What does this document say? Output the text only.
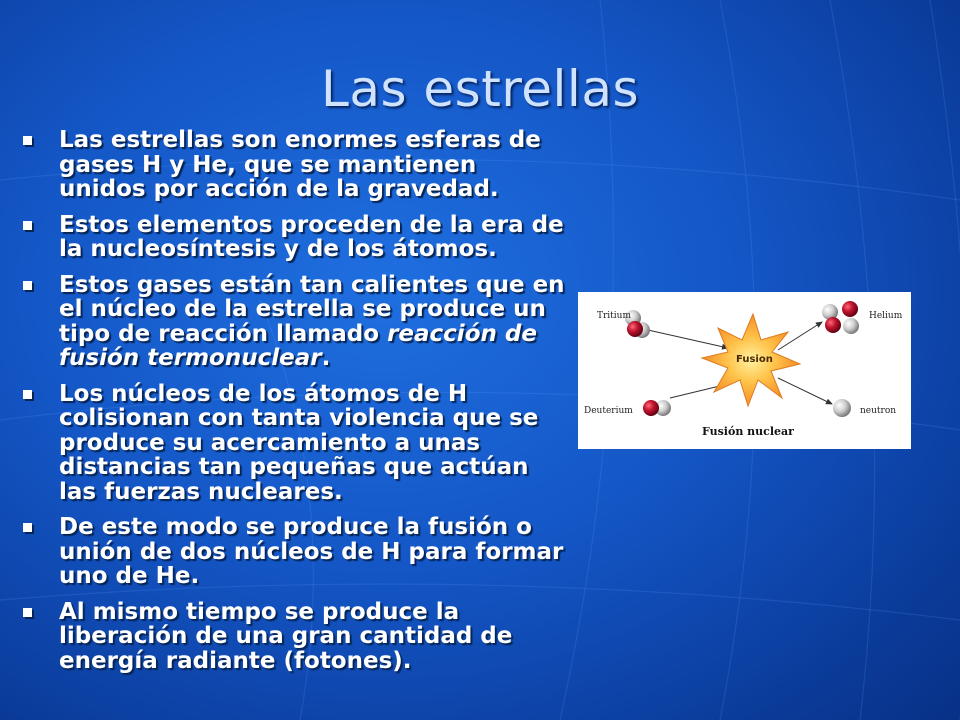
Las estrellas
Las estrellas son enormes esferas de gases H y He, que se mantienen unidos por acción de la gravedad.
Estos elementos proceden de la era de la nucleosíntesis y de los átomos.
Estos gases están tan calientes que en el núcleo de la estrella se produce un tipo de reacción llamado reacción de fusión termonuclear.
Los núcleos de los átomos de H colisionan con tanta violencia que se produce su acercamiento a unas distancias tan pequeñas que actúan las fuerzas nucleares.
De este modo se produce la fusión o unión de dos núcleos de H para formar uno de He.
Al mismo tiempo se produce la liberación de una gran cantidad de energía radiante (fotones).
Fusion
Tritium
Deuterium
Helium
neutron
Fusión nuclear
